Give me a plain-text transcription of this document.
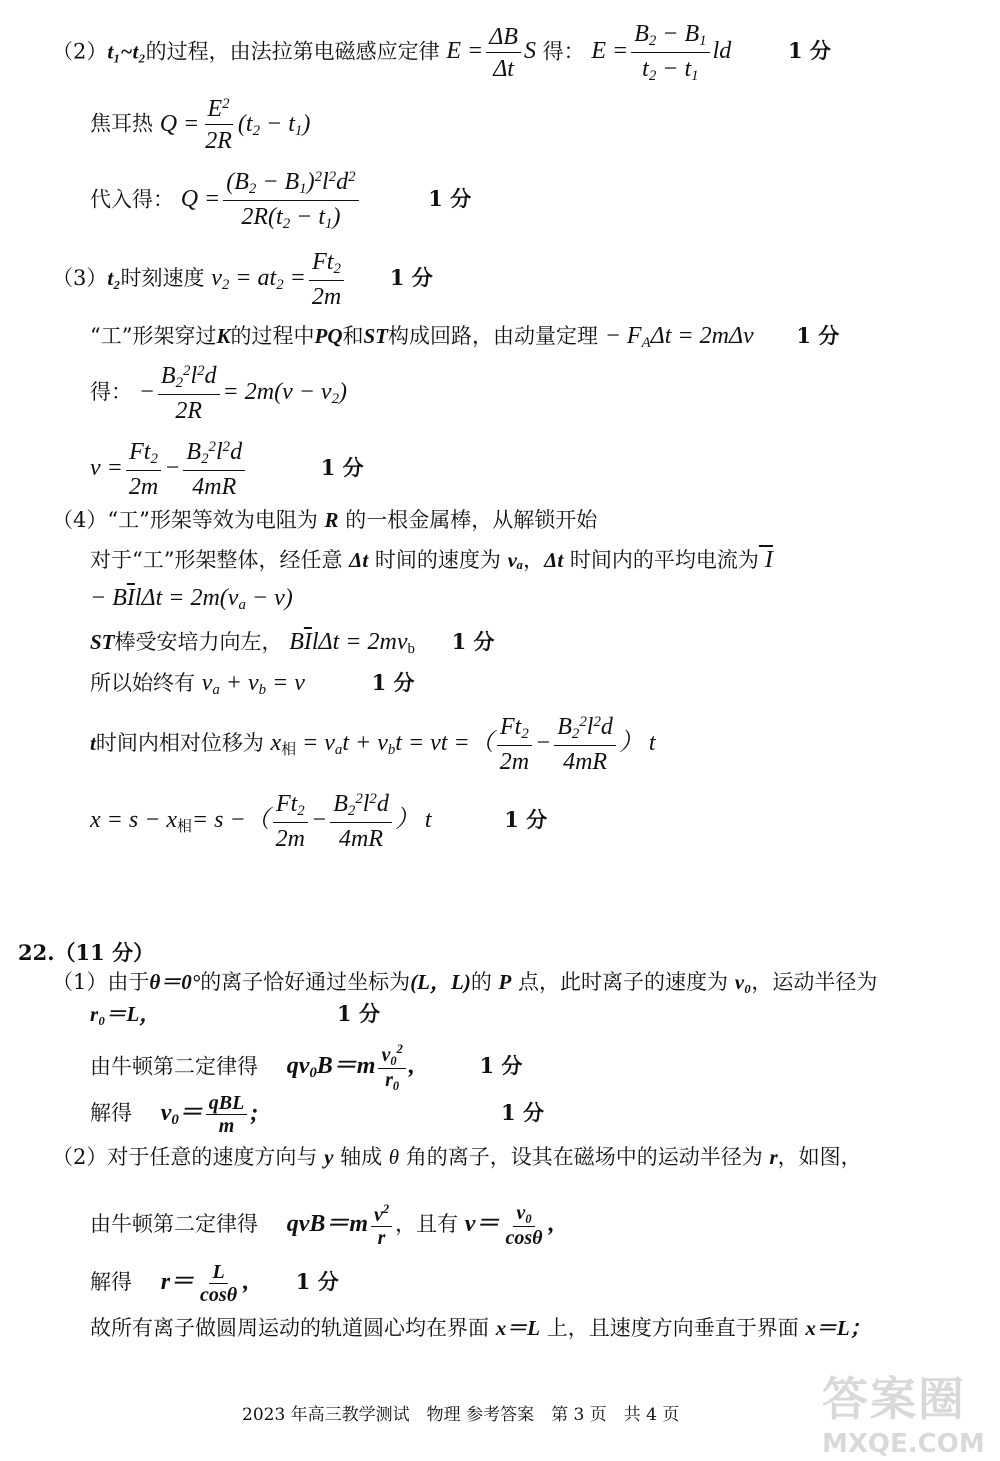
（2）t₁~t₂的过程，由法拉第电磁感应定律 $E = \frac{\Delta B}{\Delta t}$ S 得： $E = \frac{B_2 - B_1}{t_2 - t_1}$ ld	1 分
焦耳热 $Q = \frac{E^2}{2R} (t_2 - t_1)$
代入得： $Q = \frac{(B_2 - B_1)^2l^2d^2}{2R(t_2 - t_1)}$	1 分
（3）t₂时刻速度 $v_2 = at_2 = \frac{Ft_2}{2m} 1$ 分
“工”形架穿过K的过程中PQ和ST构成回路，由动量定理 − $F_A\Delta t = 2m\Delta v$ 1 分
得： − $\frac{B_2^2l^2d}{2R} = 2m(v - v_2)$
$v = \frac{Ft_2}{2m} - \frac{B_2^2l^2d}{4mR}$	1 分
（4）“工”形架等效为电阻为 R 的一根金属棒，从解锁开始
对于“工”形架整体，经任意 Δt 时间的速度为 vₐ，Δt 时间内的平均电流为 I
− $B\overline{I}l\Delta t = 2m(v_a - v)$
ST棒受安培力向左， $B\overline{I}l\Delta t = 2mv_b$ 1 分
所以始终有 $v_a + v_b = v$	1 分
t时间内相对位移为 $x_相 = v_at + v_bt$ = vt =（ $\frac{Ft_2}{2m} - \frac{B_2^2l^2d}{4mR}$ ） t
$x = s - x_相= s$ −（ $\frac{Ft_2}{2m} - \frac{B_2^2l^2d}{4mR}$ ） t	1 分
22.（11 分）
（1）由于θ＝0°的离子恰好通过坐标为(L，L)的 P 点，此时离子的速度为 v₀，运动半径为
r₀＝L，	1 分
由牛顿第二定律得 $qv_0B=m \frac{v_0^2}{r_0}$ ,	1 分
解得 $v_0= \frac{\text{qBL}}{m}$ ;	1 分
（2）对于任意的速度方向与 y 轴成 θ 角的离子，设其在磁场中的运动半径为 r，如图，
由牛顿第二定律得 $qvB=m \frac{v^2}{r}$ ，且有 $v= \frac{v_0}{\cos\theta}$ ,
解得 $r= \frac{L}{\cos\theta}$ , 1 分
故所有离子做圆周运动的轨道圆心均在界面 x＝L 上，且速度方向垂直于界面 x＝L；
2023 年高三教学测试　物理 参考答案　第 3 页　共 4 页	答案圈
MXQE.COM
